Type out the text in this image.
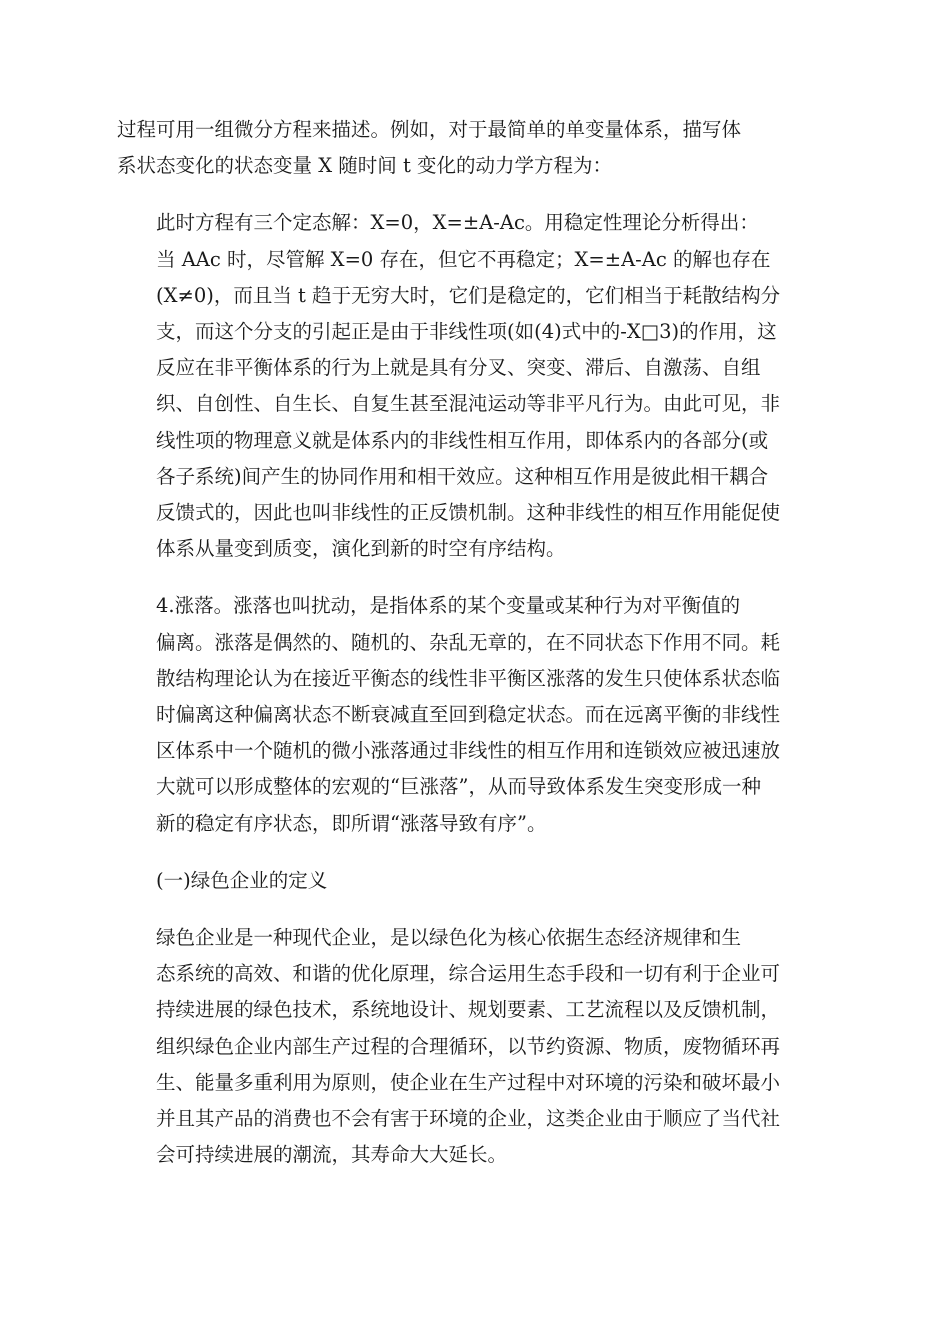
过程可用一组微分方程来描述。例如，对于最简单的单变量体系，描写体
系状态变化的状态变量 X 随时间 t 变化的动力学方程为：

此时方程有三个定态解：X=0，X=±A-Ac。用稳定性理论分析得出：
当 AAc 时，尽管解 X=0 存在，但它不再稳定；X=±A-Ac 的解也存在
(X≠0)，而且当 t 趋于无穷大时，它们是稳定的，它们相当于耗散结构分
支，而这个分支的引起正是由于非线性项(如(4)式中的-X□3)的作用，这
反应在非平衡体系的行为上就是具有分叉、突变、滞后、自激荡、自组
织、自创性、自生长、自复生甚至混沌运动等非平凡行为。由此可见，非
线性项的物理意义就是体系内的非线性相互作用，即体系内的各部分(或
各子系统)间产生的协同作用和相干效应。这种相互作用是彼此相干耦合
反馈式的，因此也叫非线性的正反馈机制。这种非线性的相互作用能促使
体系从量变到质变，演化到新的时空有序结构。

4.涨落。涨落也叫扰动，是指体系的某个变量或某种行为对平衡值的
偏离。涨落是偶然的、随机的、杂乱无章的，在不同状态下作用不同。耗
散结构理论认为在接近平衡态的线性非平衡区涨落的发生只使体系状态临
时偏离这种偏离状态不断衰减直至回到稳定状态。而在远离平衡的非线性
区体系中一个随机的微小涨落通过非线性的相互作用和连锁效应被迅速放
大就可以形成整体的宏观的“巨涨落”，从而导致体系发生突变形成一种
新的稳定有序状态，即所谓“涨落导致有序”。

(一)绿色企业的定义

绿色企业是一种现代企业，是以绿色化为核心依据生态经济规律和生
态系统的高效、和谐的优化原理，综合运用生态手段和一切有利于企业可
持续进展的绿色技术，系统地设计、规划要素、工艺流程以及反馈机制，
组织绿色企业内部生产过程的合理循环，以节约资源、物质，废物循环再
生、能量多重利用为原则，使企业在生产过程中对环境的污染和破坏最小
并且其产品的消费也不会有害于环境的企业，这类企业由于顺应了当代社
会可持续进展的潮流，其寿命大大延长。
